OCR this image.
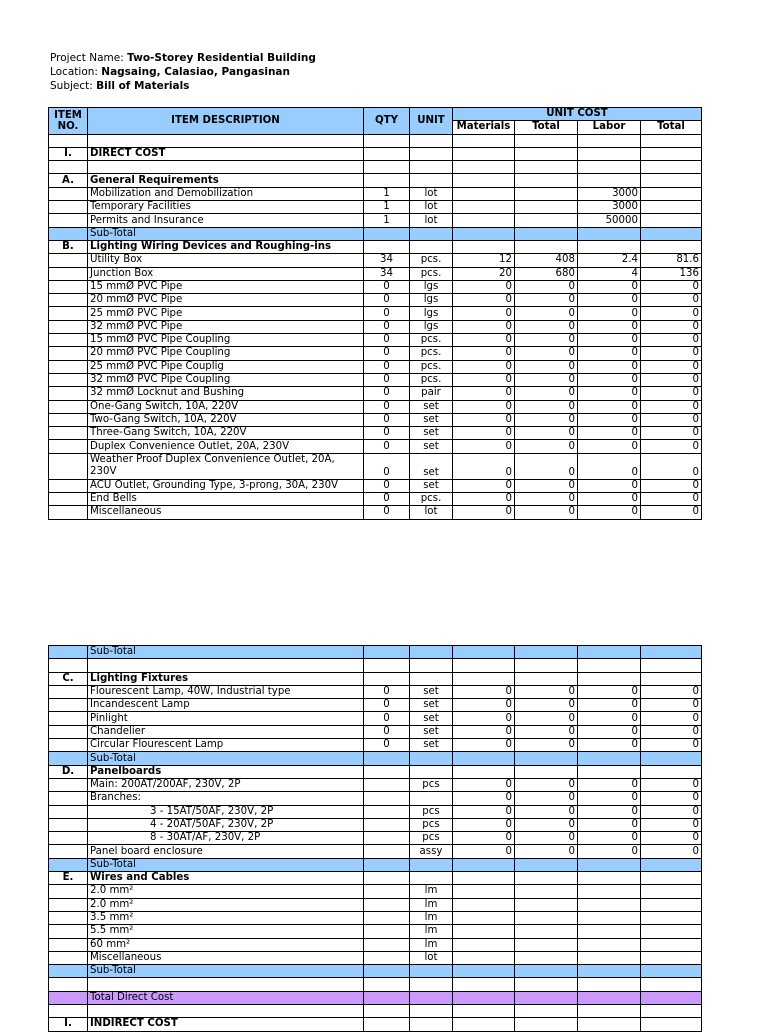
Project Name: Two-Storey Residential Building
Location: Nagsaing, Calasiao, Pangasinan
Subject: Bill of Materials
ITEM NO.	ITEM DESCRIPTION	QTY	UNIT	UNIT COST			
				Materials	Total	Labor	Total

I.	DIRECT COST						

A.	General Requirements						
	Mobilization and Demobilization	1	lot			3000	
	Temporary Facilities	1	lot			3000	
	Permits and Insurance	1	lot			50000	
	Sub-Total						
B.	Lighting Wiring Devices and Roughing-ins						
	Utility Box	34	pcs.	12	408	2.4	81.6
	Junction Box	34	pcs.	20	680	4	136
	15 mmØ PVC Pipe	0	lgs	0	0	0	0
	20 mmØ PVC Pipe	0	lgs	0	0	0	0
	25 mmØ PVC Pipe	0	lgs	0	0	0	0
	32 mmØ PVC Pipe	0	lgs	0	0	0	0
	15 mmØ PVC Pipe Coupling	0	pcs.	0	0	0	0
	20 mmØ PVC Pipe Coupling	0	pcs.	0	0	0	0
	25 mmØ PVC Pipe Couplig	0	pcs.	0	0	0	0
	32 mmØ PVC Pipe Coupling	0	pcs.	0	0	0	0
	32 mmØ Locknut and Bushing	0	pair	0	0	0	0
	One-Gang Switch, 10A, 220V	0	set	0	0	0	0
	Two-Gang Switch, 10A, 220V	0	set	0	0	0	0
	Three-Gang Switch, 10A, 220V	0	set	0	0	0	0
	Duplex Convenience Outlet, 20A, 230V	0	set	0	0	0	0
	Weather Proof Duplex Convenience Outlet, 20A, 230V	0	set	0	0	0	0
	ACU Outlet, Grounding Type, 3-prong, 30A, 230V	0	set	0	0	0	0
	End Bells	0	pcs.	0	0	0	0
	Miscellaneous	0	lot	0	0	0	0
	Sub-Total						

C.	Lighting Fixtures						
	Flourescent Lamp, 40W, Industrial type	0	set	0	0	0	0
	Incandescent Lamp	0	set	0	0	0	0
	Pinlight	0	set	0	0	0	0
	Chandelier	0	set	0	0	0	0
	Circular Flourescent Lamp	0	set	0	0	0	0
	Sub-Total						
D.	Panelboards						
	Main: 200AT/200AF, 230V, 2P		pcs	0	0	0	0
	Branches:			0	0	0	0
	3 - 15AT/50AF, 230V, 2P		pcs	0	0	0	0
	4 - 20AT/50AF, 230V, 2P		pcs	0	0	0	0
	8 - 30AT/AF, 230V, 2P		pcs	0	0	0	0
	Panel board enclosure		assy	0	0	0	0
	Sub-Total						
E.	Wires and Cables						
	2.0 mm²		lm				
	2.0 mm²		lm				
	3.5 mm²		lm				
	5.5 mm²		lm				
	60 mm²		lm				
	Miscellaneous		lot				
	Sub-Total						

	Total Direct Cost						

I.	INDIRECT COST						
